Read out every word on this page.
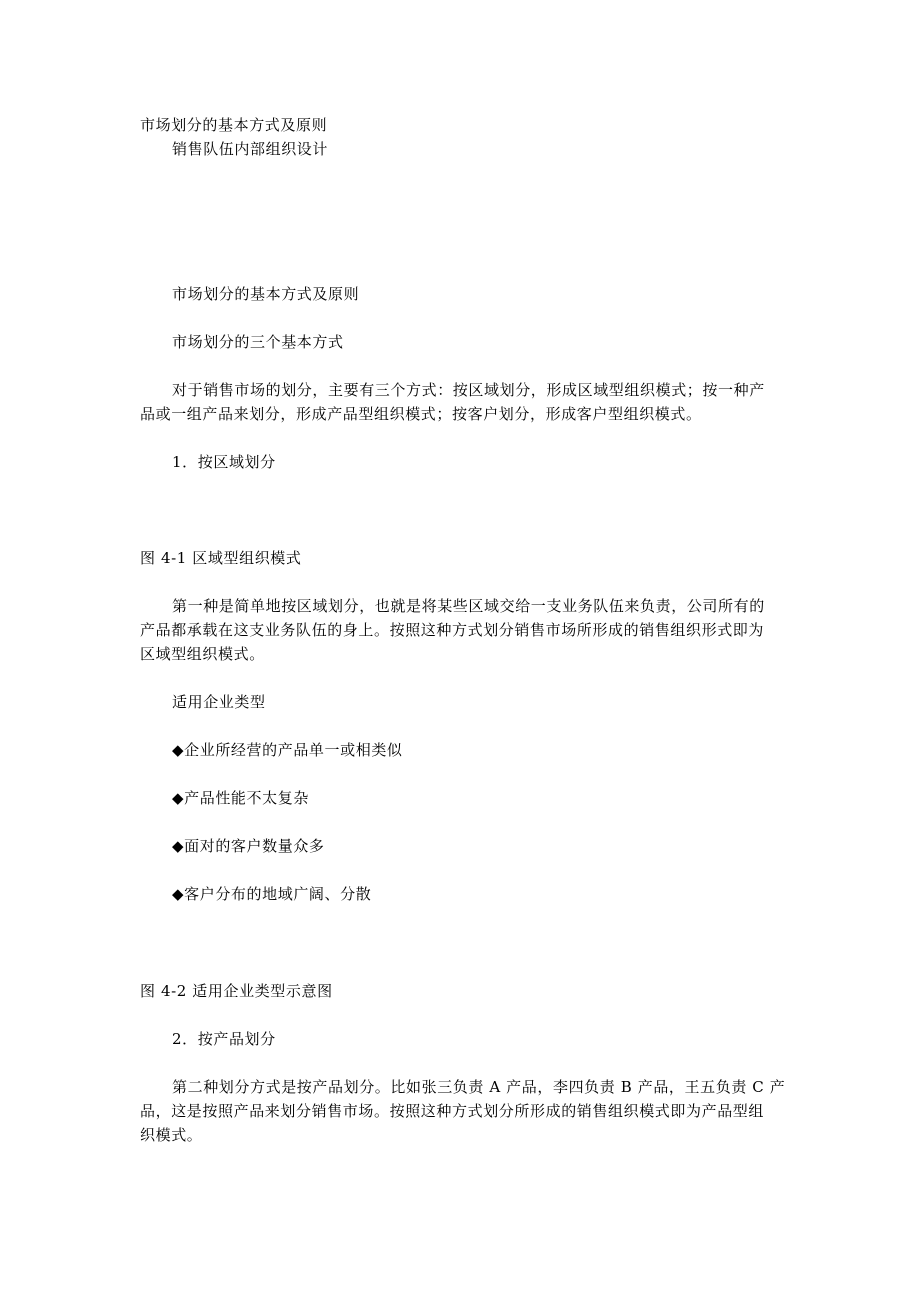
市场划分的基本方式及原则
销售队伍内部组织设计
市场划分的基本方式及原则
市场划分的三个基本方式
对于销售市场的划分，主要有三个方式：按区域划分，形成区域型组织模式；按一种产
品或一组产品来划分，形成产品型组织模式；按客户划分，形成客户型组织模式。
1．按区域划分
图 4-1 区域型组织模式
第一种是简单地按区域划分，也就是将某些区域交给一支业务队伍来负责，公司所有的
产品都承载在这支业务队伍的身上。按照这种方式划分销售市场所形成的销售组织形式即为
区域型组织模式。
适用企业类型
◆企业所经营的产品单一或相类似
◆产品性能不太复杂
◆面对的客户数量众多
◆客户分布的地域广阔、分散
图 4-2 适用企业类型示意图
2．按产品划分
第二种划分方式是按产品划分。比如张三负责 A 产品，李四负责 B 产品，王五负责 C 产
品，这是按照产品来划分销售市场。按照这种方式划分所形成的销售组织模式即为产品型组
织模式。
